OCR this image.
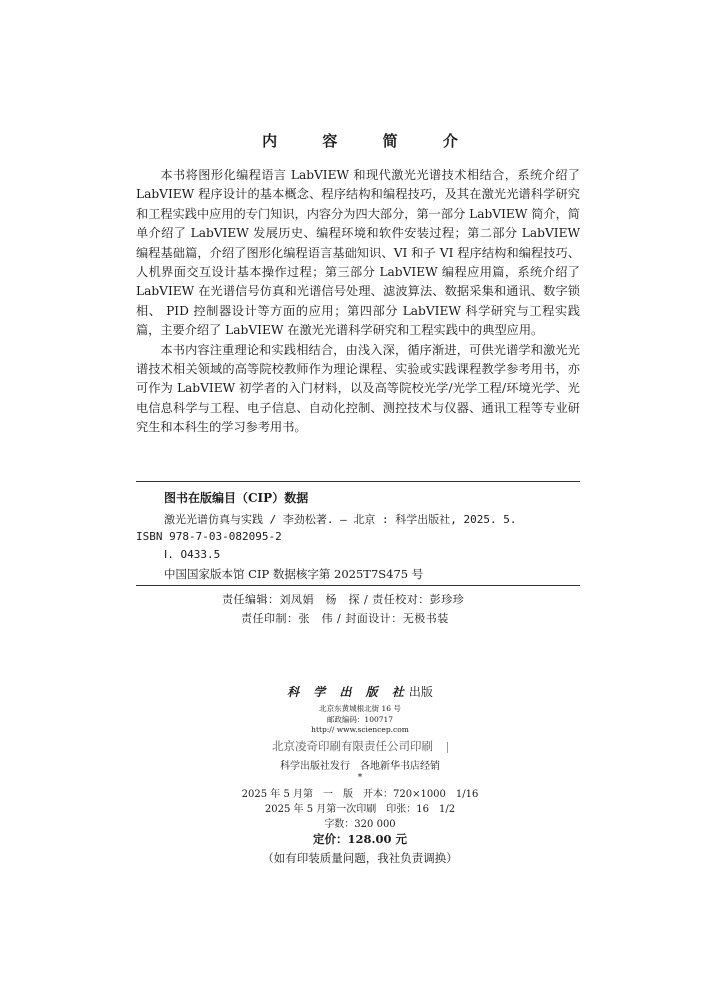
内 容 简 介

本书将图形化编程语言 LabVIEW 和现代激光光谱技术相结合，系统介绍了 LabVIEW 程序设计的基本概念、程序结构和编程技巧，及其在激光光谱科学研究和工程实践中应用的专门知识，内容分为四大部分，第一部分 LabVIEW 简介，简单介绍了 LabVIEW 发展历史、编程环境和软件安装过程；第二部分 LabVIEW 编程基础篇，介绍了图形化编程语言基础知识、VI 和子 VI 程序结构和编程技巧、人机界面交互设计基本操作过程；第三部分 LabVIEW 编程应用篇，系统介绍了 LabVIEW 在光谱信号仿真和光谱信号处理、滤波算法、数据采集和通讯、数字锁相、 PID 控制器设计等方面的应用；第四部分 LabVIEW 科学研究与工程实践篇，主要介绍了 LabVIEW 在激光光谱科学研究和工程实践中的典型应用。

本书内容注重理论和实践相结合，由浅入深，循序渐进，可供光谱学和激光光谱技术相关领域的高等院校教师作为理论课程、实验或实践课程教学参考用书，亦可作为 LabVIEW 初学者的入门材料，以及高等院校光学/光学工程/环境光学、光电信息科学与工程、电子信息、自动化控制、测控技术与仪器、通讯工程等专业研究生和本科生的学习参考用书。

图书在版编目（CIP）数据
激光光谱仿真与实践 / 李劲松著. — 北京 : 科学出版社, 2025. 5.
ISBN 978-7-03-082095-2
Ⅰ. O433.5
中国国家版本馆 CIP 数据核字第 2025T7S475 号
责任编辑：刘凤娟　杨　探 / 责任校对：彭珍珍
责任印制：张　伟 / 封面设计：无极书装
科 学 出 版 社出版
北京东黄城根北街 16 号
邮政编码：100717
http:// www.sciencep.com
北京凌奇印刷有限责任公司印刷
科学出版社发行　各地新华书店经销
*
2025 年 5 月第　一　版　开本：720×1000　1/16
2025 年 5 月第一次印刷　印张：16　1/2
字数：320 000
定价：128.00 元
（如有印装质量问题，我社负责调换）
